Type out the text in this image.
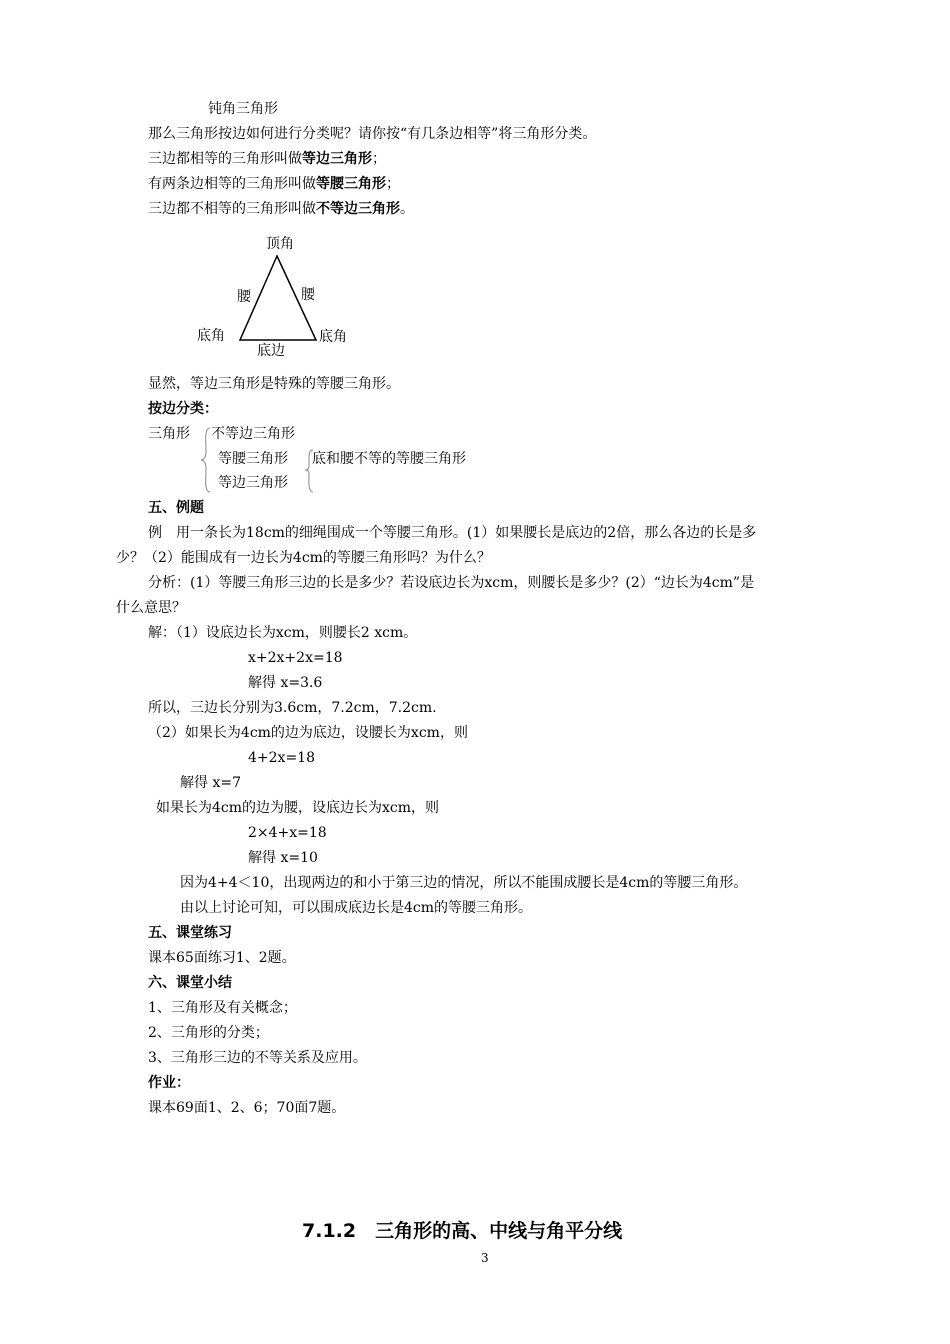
钝角三角形
那么三角形按边如何进行分类呢？请你按“有几条边相等”将三角形分类。
三边都相等的三角形叫做等边三角形；
有两条边相等的三角形叫做等腰三角形；
三边都不相等的三角形叫做不等边三角形。
顶角
腰	腰
底角	底角
底边
显然，等边三角形是特殊的等腰三角形。
按边分类：
三角形 不等边三角形
等腰三角形 底和腰不等的等腰三角形
等边三角形
五、例题
例　用一条长为18cm的细绳围成一个等腰三角形。(1）如果腰长是底边的2倍，那么各边的长是多
少？（2）能围成有一边长为4cm的等腰三角形吗？为什么？
分析：(1）等腰三角形三边的长是多少？若设底边长为xcm，则腰长是多少？(2）“边长为4cm”是
什么意思？
解：（1）设底边长为xcm，则腰长2 xcm。
x+2x+2x=18
解得 x=3.6
所以，三边长分别为3.6cm，7.2cm，7.2cm.
（2）如果长为4cm的边为底边，设腰长为xcm，则
4+2x=18
解得 x=7
如果长为4cm的边为腰，设底边长为xcm，则
2×4+x=18
解得 x=10
因为4+4＜10，出现两边的和小于第三边的情况，所以不能围成腰长是4cm的等腰三角形。
由以上讨论可知，可以围成底边长是4cm的等腰三角形。
五、课堂练习
课本65面练习1、2题。
六、课堂小结
1、三角形及有关概念；
2、三角形的分类；
3、三角形三边的不等关系及应用。
作业：
课本69面1、2、6；70面7题。
7.1.2　三角形的高、中线与角平分线
3
